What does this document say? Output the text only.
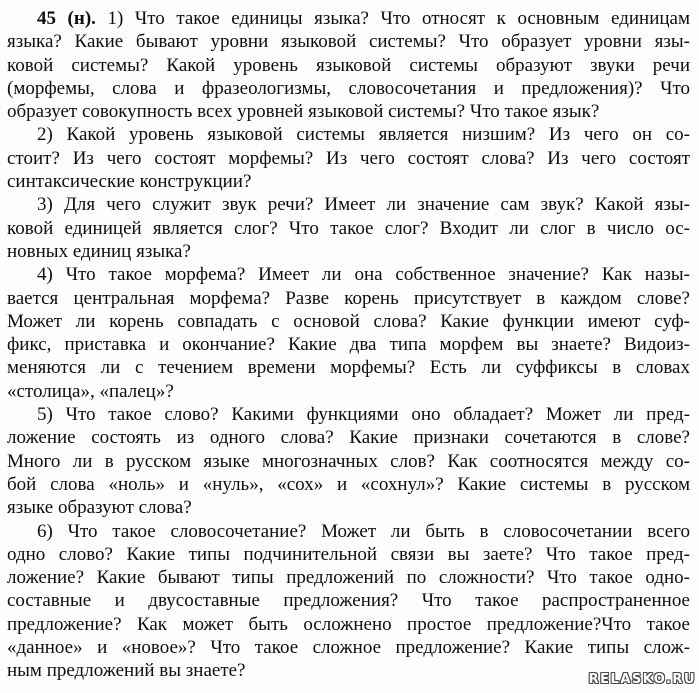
45 (н). 1) Что такое единицы языка? Что относят к основным единицам
языка? Какие бывают уровни языковой системы? Что образует уровни язы-
ковой системы? Какой уровень языковой системы образуют звуки речи
(морфемы, слова и фразеологизмы, словосочетания и предложения)? Что
образует совокупность всех уровней языковой системы? Что такое язык?
2) Какой уровень языковой системы является низшим? Из чего он со-
стоит? Из чего состоят морфемы? Из чего состоят слова? Из чего состоят
синтаксические конструкции?
3) Для чего служит звук речи? Имеет ли значение сам звук? Какой язы-
ковой единицей является слог? Что такое слог? Входит ли слог в число ос-
новных единиц языка?
4) Что такое морфема? Имеет ли она собственное значение? Как назы-
вается центральная морфема? Разве корень присутствует в каждом слове?
Может ли корень совпадать с основой слова? Какие функции имеют суф-
фикс, приставка и окончание? Какие два типа морфем вы знаете? Видоиз-
меняются ли с течением времени морфемы? Есть ли суффиксы в словах
«столица», «палец»?
5) Что такое слово? Какими функциями оно обладает? Может ли пред-
ложение состоять из одного слова? Какие признаки сочетаются в слове?
Много ли в русском языке многозначных слов? Как соотносятся между со-
бой слова «ноль» и «нуль», «сох» и «сохнул»? Какие системы в русском
языке образуют слова?
6) Что такое словосочетание? Может ли быть в словосочетании всего
одно слово? Какие типы подчинительной связи вы заете? Что такое пред-
ложение? Какие бывают типы предложений по сложности? Что такое одно-
составные и двусоставные предложения? Что такое распространенное
предложение? Как может быть осложнено простое предложение?Что такое
«данное» и «новое»? Что такое сложное предложение? Какие типы слож-
ным предложений вы знаете?	RELASKO.RU
